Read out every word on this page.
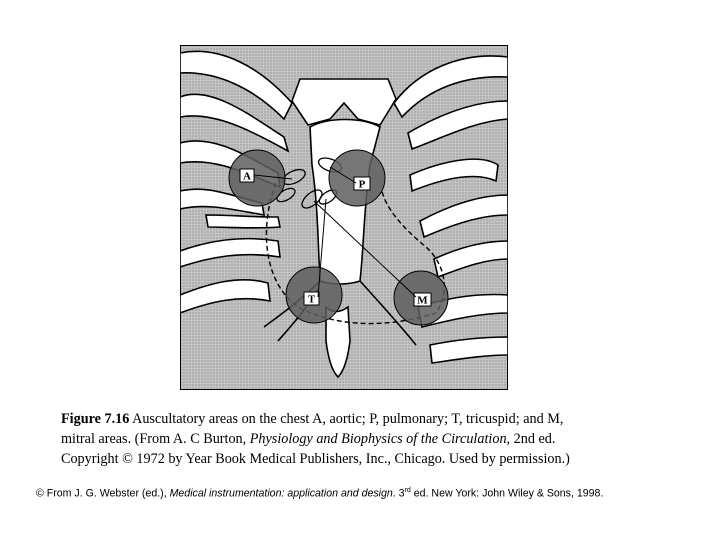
A
P
T	M
Figure 7.16 Auscultatory areas on the chest A, aortic; P, pulmonary; T, tricuspid; and M,
mitral areas. (From A. C Burton, Physiology and Biophysics of the Circulation, 2nd ed.
Copyright © 1972 by Year Book Medical Publishers, Inc., Chicago. Used by permission.)
© From J. G. Webster (ed.), Medical instrumentation: application and design. 3rd ed. New York: John Wiley & Sons, 1998.
